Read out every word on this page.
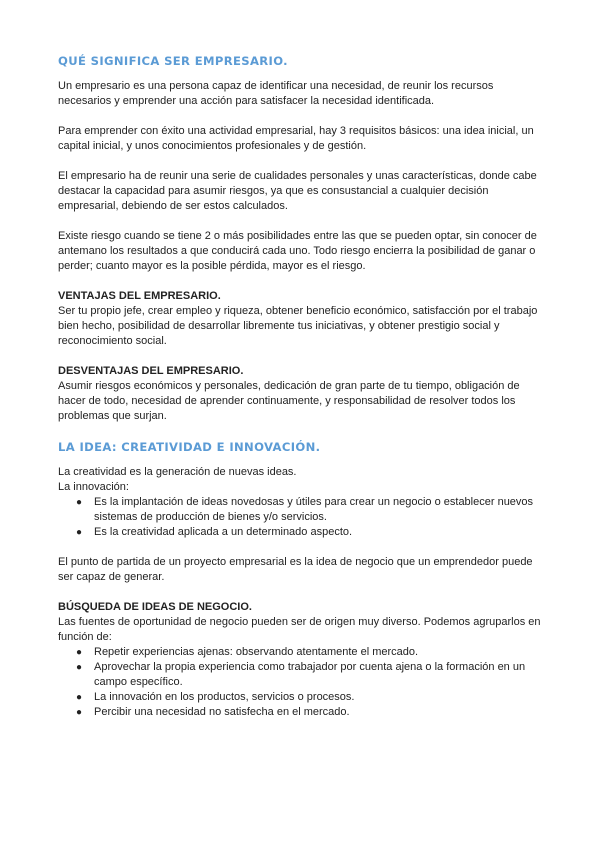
QUÉ SIGNIFICA SER EMPRESARIO.

Un empresario es una persona capaz de identificar una necesidad, de reunir los recursos necesarios y emprender una acción para satisfacer la necesidad identificada.

Para emprender con éxito una actividad empresarial, hay 3 requisitos básicos: una idea inicial, un capital inicial, y unos conocimientos profesionales y de gestión.

El empresario ha de reunir una serie de cualidades personales y unas características, donde cabe destacar la capacidad para asumir riesgos, ya que es consustancial a cualquier decisión empresarial, debiendo de ser estos calculados.

Existe riesgo cuando se tiene 2 o más posibilidades entre las que se pueden optar, sin conocer de antemano los resultados a que conducirá cada uno. Todo riesgo encierra la posibilidad de ganar o perder; cuanto mayor es la posible pérdida, mayor es el riesgo.

VENTAJAS DEL EMPRESARIO.

Ser tu propio jefe, crear empleo y riqueza, obtener beneficio económico, satisfacción por el trabajo bien hecho, posibilidad de desarrollar libremente tus iniciativas, y obtener prestigio social y reconocimiento social.

DESVENTAJAS DEL EMPRESARIO.

Asumir riesgos económicos y personales, dedicación de gran parte de tu tiempo, obligación de hacer de todo, necesidad de aprender continuamente, y responsabilidad de resolver todos los problemas que surjan.

LA IDEA: CREATIVIDAD E INNOVACIÓN.

La creatividad es la generación de nuevas ideas.

La innovación:

● Es la implantación de ideas novedosas y útiles para crear un negocio o establecer nuevos sistemas de producción de bienes y/o servicios.
● Es la creatividad aplicada a un determinado aspecto.

El punto de partida de un proyecto empresarial es la idea de negocio que un emprendedor puede ser capaz de generar.

BÚSQUEDA DE IDEAS DE NEGOCIO.

Las fuentes de oportunidad de negocio pueden ser de origen muy diverso. Podemos agruparlos en función de:

● Repetir experiencias ajenas: observando atentamente el mercado.
● Aprovechar la propia experiencia como trabajador por cuenta ajena o la formación en un campo específico.
● La innovación en los productos, servicios o procesos.
● Percibir una necesidad no satisfecha en el mercado.
